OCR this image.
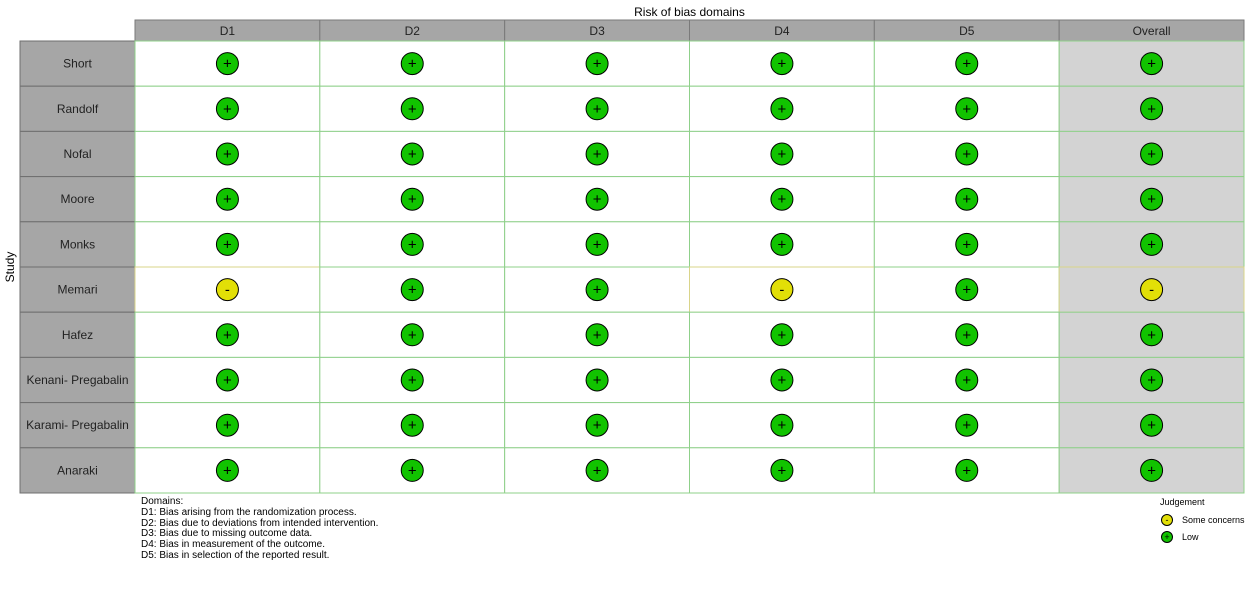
Risk of bias domains
Study
D1	D2	D3	D4	D5	Overall
Short	+	+	+	+	+	+
Randolf	+	+	+	+	+	+
Nofal	+	+	+	+	+	+
Moore	+	+	+	+	+	+
Monks	+	+	+	+	+	+
Memari	-	+	+	-	+	-
Hafez	+	+	+	+	+	+
Kenani- Pregabalin	+	+	+	+	+	+
Karami- Pregabalin	+	+	+	+	+	+
Anaraki	+	+	+	+	+	+
Domains:
D1: Bias arising from the randomization process.
D2: Bias due to deviations from intended intervention.
D3: Bias due to missing outcome data.
D4: Bias in measurement of the outcome.
D5: Bias in selection of the reported result.
Judgement
-	Some concerns
+	Low
